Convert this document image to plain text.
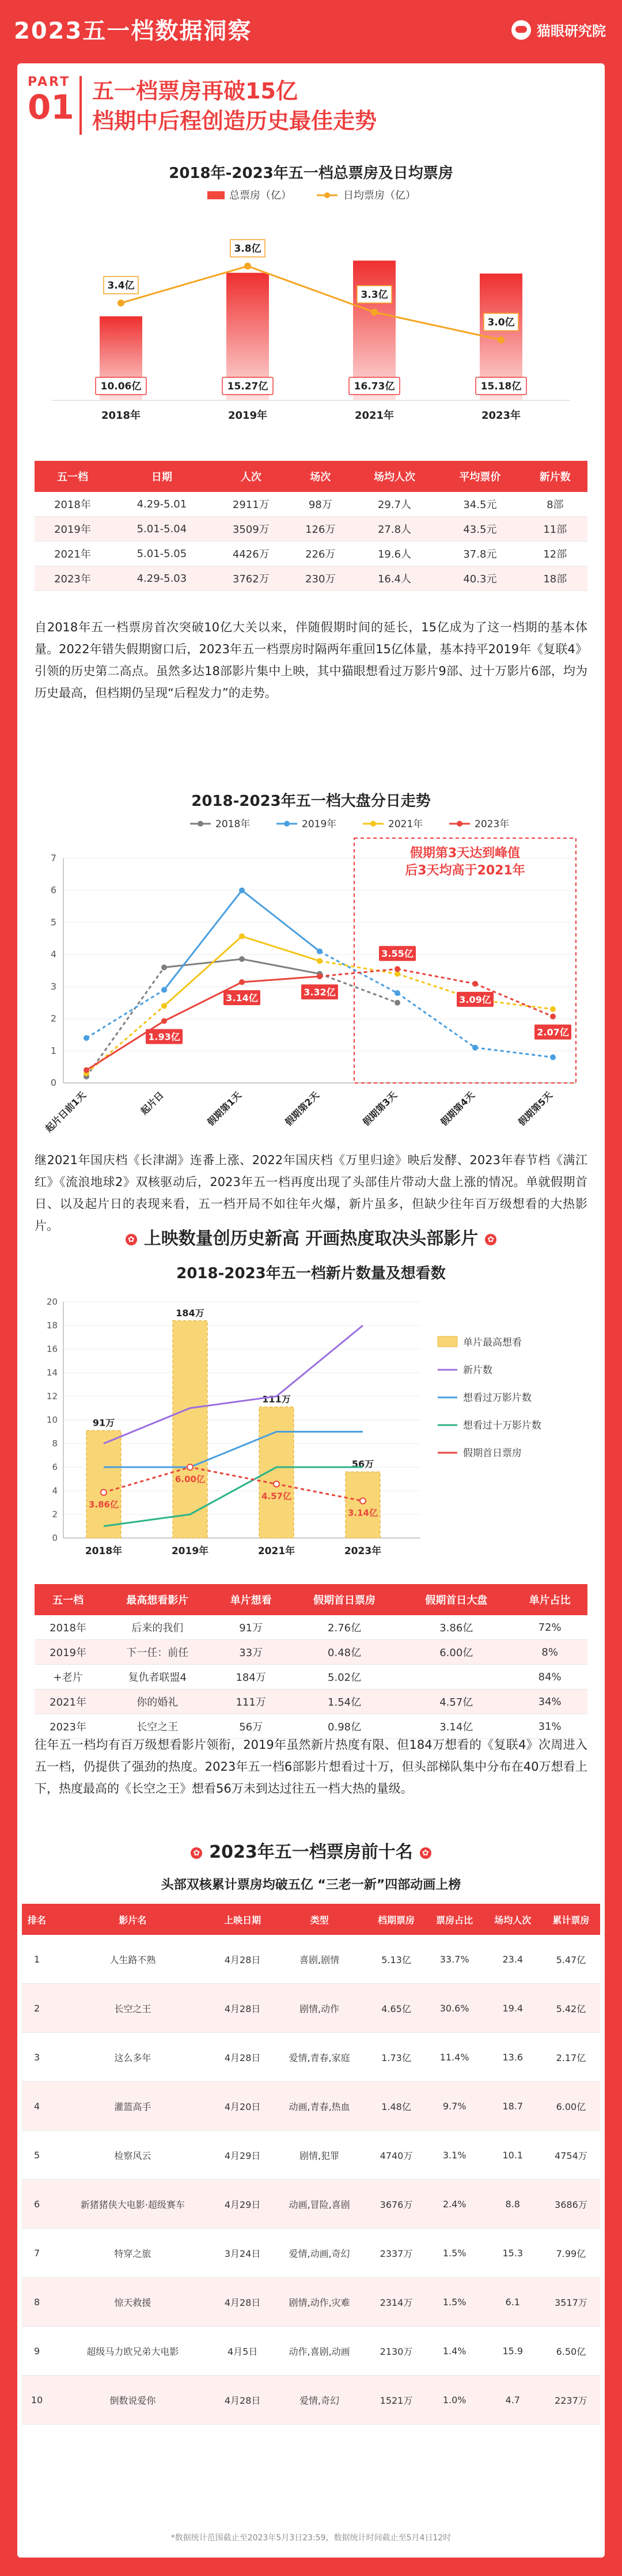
2023五一档数据洞察	猫眼研究院
PART
01 五一档票房再破15亿
档期中后程创造历史最佳走势
2018年-2023年五一档总票房及日均票房
总票房（亿）	日均票房（亿）
10.06亿
2018年
15.27亿
2019年
16.73亿
2021年
15.18亿
2023年
3.4亿
3.8亿
3.3亿
3.0亿
五一档	日期	人次	场次	场均人次	平均票价	新片数
2018年	4.29-5.01	2911万	98万	29.7人	34.5元	8部
2019年	5.01-5.04	3509万	126万	27.8人	43.5元	11部
2021年	5.01-5.05	4426万	226万	19.6人	37.8元	12部
2023年	4.29-5.03	3762万	230万	16.4人	40.3元	18部
自2018年五一档票房首次突破10亿大关以来，伴随假期时间的延长，15亿成为了这一档期的基本体量。2022年错失假期窗口后，2023年五一档票房时隔两年重回15亿体量，基本持平2019年《复联4》引领的历史第二高点。虽然多达18部影片集中上映，其中猫眼想看过万影片9部、过十万影片6部，均为历史最高，但档期仍呈现“后程发力”的走势。
2018-2023年五一档大盘分日走势
2018年	2019年	2021年	2023年
0
1
2
3
4
5
6
7
起片日前1天	起片日	假期第1天	假期第2天	假期第3天	假期第4天	假期第5天
假期第3天达到峰值
后3天均高于2021年
1.93亿
3.14亿
3.32亿
3.55亿
3.09亿
2.07亿
继2021年国庆档《长津湖》连番上涨、2022年国庆档《万里归途》映后发酵、2023年春节档《满江红》《流浪地球2》双核驱动后，2023年五一档再度出现了头部佳片带动大盘上涨的情况。单就假期首日、以及起片日的表现来看，五一档开局不如往年火爆，新片虽多，但缺少往年百万级想看的大热影片。
✿ 上映数量创历史新高 开画热度取决头部影片 ✿
2018-2023年五一档新片数量及想看数
0
2
4
6
8
10
12
14
16
18
20
2018年	2019年	2021年	2023年
91万
184万
111万
56万
3.86亿
6.00亿
4.57亿
3.14亿
单片最高想看
新片数
想看过万影片数
想看过十万影片数
假期首日票房
五一档	最高想看影片	单片想看	假期首日票房	假期首日大盘	单片占比
2018年	后来的我们	91万	2.76亿	3.86亿	72%
2019年	下一任：前任	33万	0.48亿	6.00亿	8%
+老片	复仇者联盟4	184万	5.02亿		84%
2021年	你的婚礼	111万	1.54亿	4.57亿	34%
2023年	长空之王	56万	0.98亿	3.14亿	31%
往年五一档均有百万级想看影片领衔，2019年虽然新片热度有限、但184万想看的《复联4》次周进入五一档，仍提供了强劲的热度。2023年五一档6部影片想看过十万，但头部梯队集中分布在40万想看上下，热度最高的《长空之王》想看56万未到达过往五一档大热的量级。
✿ 2023年五一档票房前十名 ✿
头部双核累计票房均破五亿 “三老一新”四部动画上榜
排名	影片名	上映日期	类型	档期票房	票房占比	场均人次	累计票房
1	人生路不熟	4月28日	喜剧,剧情	5.13亿	33.7%	23.4	5.47亿
2	长空之王	4月28日	剧情,动作	4.65亿	30.6%	19.4	5.42亿
3	这么多年	4月28日	爱情,青春,家庭	1.73亿	11.4%	13.6	2.17亿
4	灌篮高手	4月20日	动画,青春,热血	1.48亿	9.7%	18.7	6.00亿
5	检察风云	4月29日	剧情,犯罪	4740万	3.1%	10.1	4754万
6	新猪猪侠大电影·超级赛车	4月29日	动画,冒险,喜剧	3676万	2.4%	8.8	3686万
7	特穿之旅	3月24日	爱情,动画,奇幻	2337万	1.5%	15.3	7.99亿
8	惊天救援	4月28日	剧情,动作,灾难	2314万	1.5%	6.1	3517万
9	超级马力欧兄弟大电影	4月5日	动作,喜剧,动画	2130万	1.4%	15.9	6.50亿
10	倒数说爱你	4月28日	爱情,奇幻	1521万	1.0%	4.7	2237万
*数据统计范围截止至2023年5月3日23:59，数据统计时间截止至5月4日12时
